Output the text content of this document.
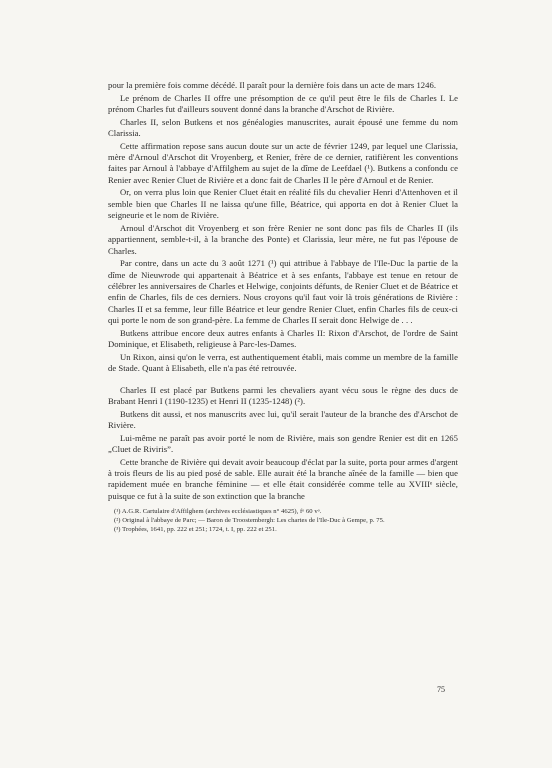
pour la première fois comme décédé. Il paraît pour la dernière fois dans un acte de mars 1246.

Le prénom de Charles II offre une présomption de ce qu'il peut être le fils de Charles I. Le prénom Charles fut d'ailleurs souvent donné dans la branche d'Arschot de Rivière.

Charles II, selon Butkens et nos généalogies manuscrites, aurait épousé une femme du nom Clarissia.

Cette affirmation repose sans aucun doute sur un acte de février 1249, par lequel une Clarissia, mère d'Arnoul d'Arschot dit Vroyenberg, et Renier, frère de ce dernier, ratifièrent les conventions faites par Arnoul à l'abbaye d'Affilghem au sujet de la dîme de Leefdael (¹). Butkens a confondu ce Renier avec Renier Cluet de Rivière et a donc fait de Charles II le père d'Arnoul et de Renier.

Or, on verra plus loin que Renier Cluet était en réalité fils du chevalier Henri d'Attenhoven et il semble bien que Charles II ne laissa qu'une fille, Béatrice, qui apporta en dot à Renier Cluet la seigneurie et le nom de Rivière.

Arnoul d'Arschot dit Vroyenberg et son frère Renier ne sont donc pas fils de Charles II (ils appartiennent, semble-t-il, à la branche des Ponte) et Clarissia, leur mère, ne fut pas l'épouse de Charles.

Par contre, dans un acte du 3 août 1271 (¹) qui attribue à l'abbaye de l'Ile-Duc la partie de la dîme de Nieuwrode qui appartenait à Béatrice et à ses enfants, l'abbaye est tenue en retour de célébrer les anniversaires de Charles et Helwige, conjoints défunts, de Renier Cluet et de Béatrice et enfin de Charles, fils de ces derniers. Nous croyons qu'il faut voir là trois générations de Rivière : Charles II et sa femme, leur fille Béatrice et leur gendre Renier Cluet, enfin Charles fils de ceux-ci qui porte le nom de son grand-père. La femme de Charles II serait donc Helwige de . . .

Butkens attribue encore deux autres enfants à Charles II: Rixon d'Arschot, de l'ordre de Saint Dominique, et Elisabeth, religieuse à Parc-les-Dames.

Un Rixon, ainsi qu'on le verra, est authentiquement établi, mais comme un membre de la famille de Stade. Quant à Elisabeth, elle n'a pas été retrouvée.

Charles II est placé par Butkens parmi les chevaliers ayant vécu sous le règne des ducs de Brabant Henri I (1190-1235) et Henri II (1235-1248) (²).

Butkens dit aussi, et nos manuscrits avec lui, qu'il serait l'auteur de la branche des d'Arschot de Rivière.

Lui-même ne paraît pas avoir porté le nom de Rivière, mais son gendre Renier est dit en 1265 „Cluet de Riviris”.

Cette branche de Rivière qui devait avoir beaucoup d'éclat par la suite, porta pour armes d'argent à trois fleurs de lis au pied posé de sable. Elle aurait été la branche aînée de la famille — bien que rapidement muée en branche féminine — et elle était considérée comme telle au XVIIIᵉ siècle, puisque ce fut à la suite de son extinction que la branche

(¹) A.G.R. Cartulaire d'Affilghem (archives ecclésiastiques n° 4625), fᵒ 60 vᵒ.
(²) Original à l'abbaye de Parc; — Baron de Troostembergh: Les chartes de l'Ile-Duc à Gempe, p. 75.
(³) Trophées, 1641, pp. 222 et 251; 1724, t. I, pp. 222 et 251.
75
